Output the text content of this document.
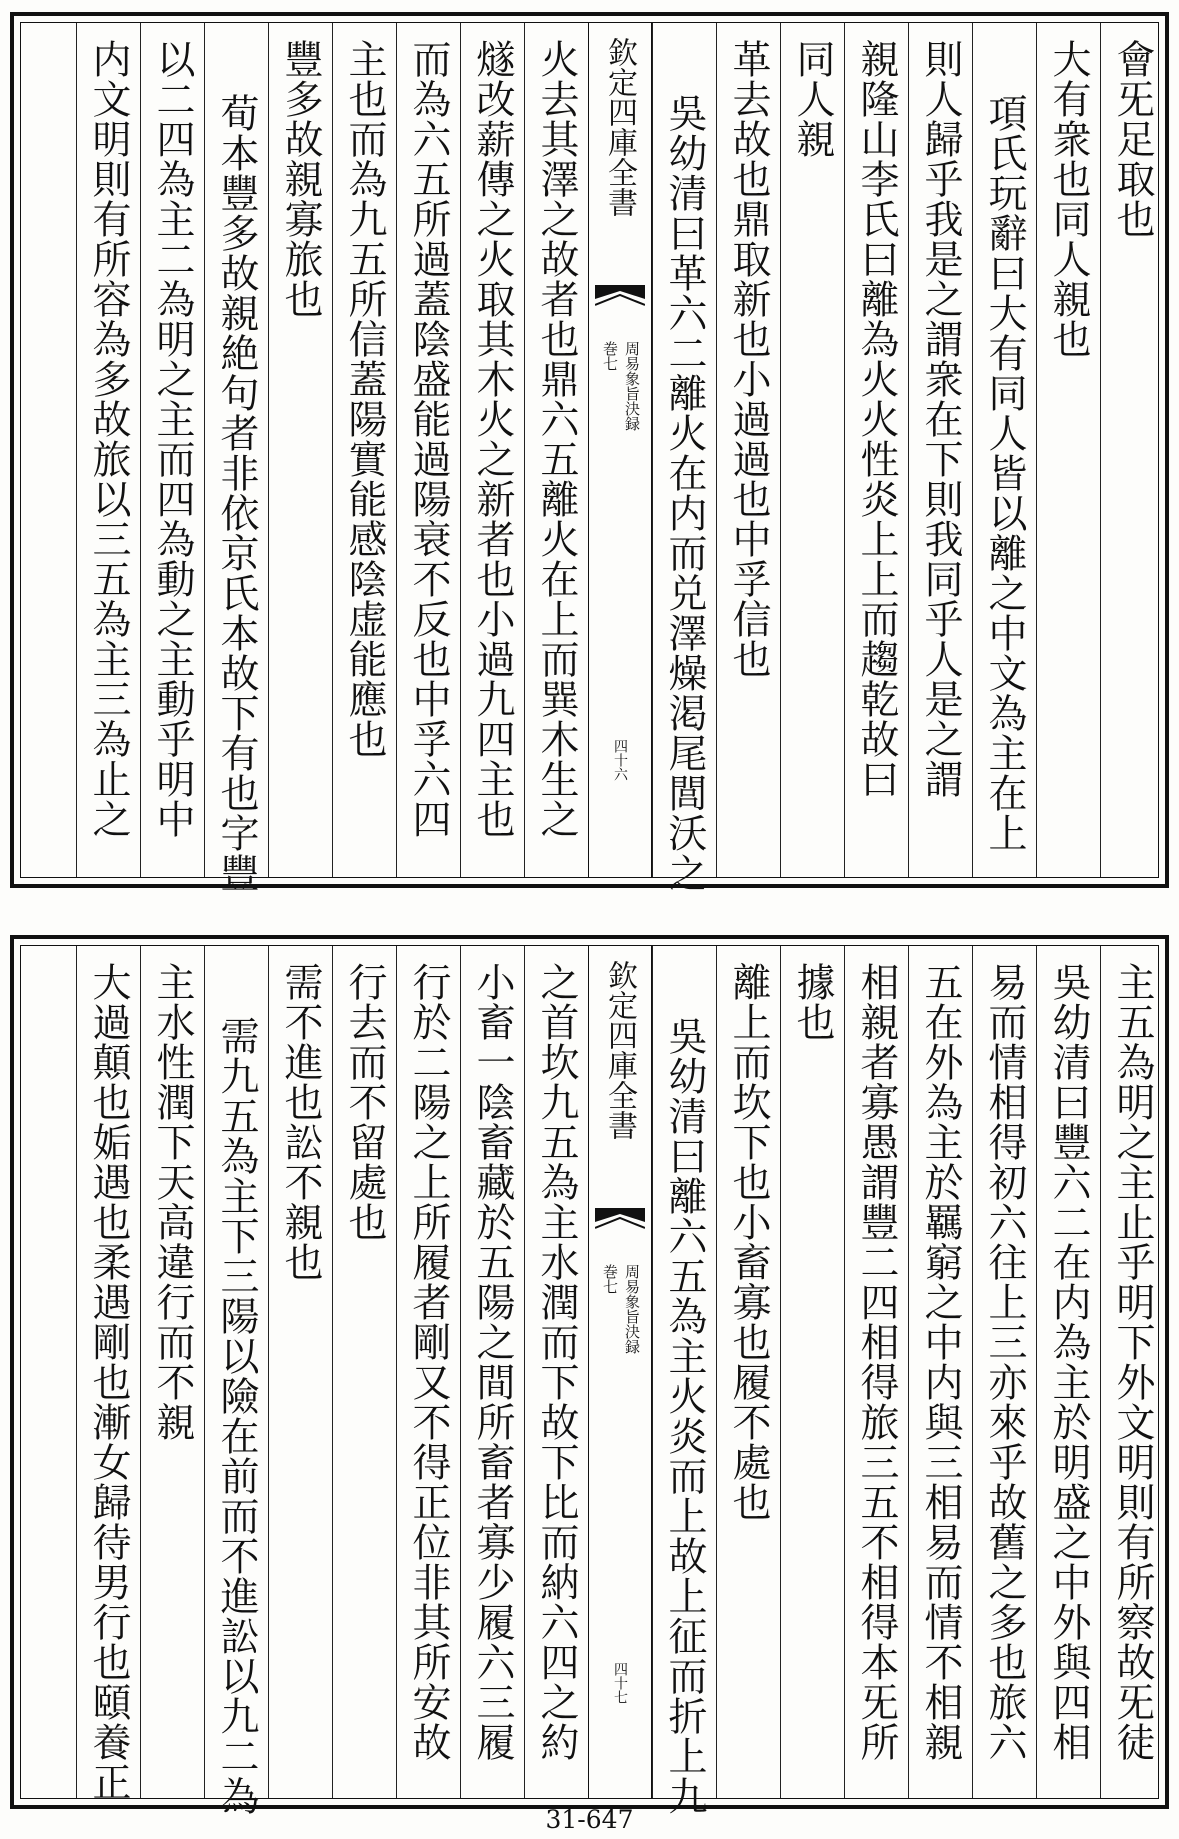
會旡足取也
大有衆也同人親也
項氏玩辭曰大有同人皆以離之中文為主在上
則人歸乎我是之謂衆在下則我同乎人是之謂
親隆山李氏曰離為火火性炎上上而趨乾故曰
同人親
革去故也鼎取新也小過過也中孚信也
吳幼清曰革六二離火在内而兑澤燥渇尾閭沃之
欽定四庫全書
周易象旨決録
巻七
四十六
火去其澤之故者也鼎六五離火在上而巽木生之
燧改薪傳之火取其木火之新者也小過九四主也
而為六五所過蓋陰盛能過陽衰不反也中孚六四
主也而為九五所信蓋陽實能感陰虚能應也
豐多故親寡旅也
荀本豐多故親絶句者非依京氏本故下有也字豐
以二四為主二為明之主而四為動之主動乎明中
内文明則有所容為多故旅以三五為主三為止之
主五為明之主止乎明下外文明則有所察故旡徒
吳幼清曰豐六二在内為主於明盛之中外與四相
易而情相得初六往上三亦來乎故舊之多也旅六
五在外為主於羈窮之中内與三相易而情不相親
相親者寡愚謂豐二四相得旅三五不相得本旡所
據也
離上而坎下也小畜寡也履不處也
吳幼清曰離六五為主火炎而上故上征而折上九
欽定四庫全書
周易象旨決録
巻七
四十七
之首坎九五為主水潤而下故下比而納六四之約
小畜一陰畜藏於五陽之間所畜者寡少履六三履
行於二陽之上所履者剛又不得正位非其所安故
行去而不留處也
需不進也訟不親也
需九五為主下三陽以險在前而不進訟以九二為
主水性潤下天高違行而不親
大過顛也姤遇也柔遇剛也漸女歸待男行也頤養正
31-647
